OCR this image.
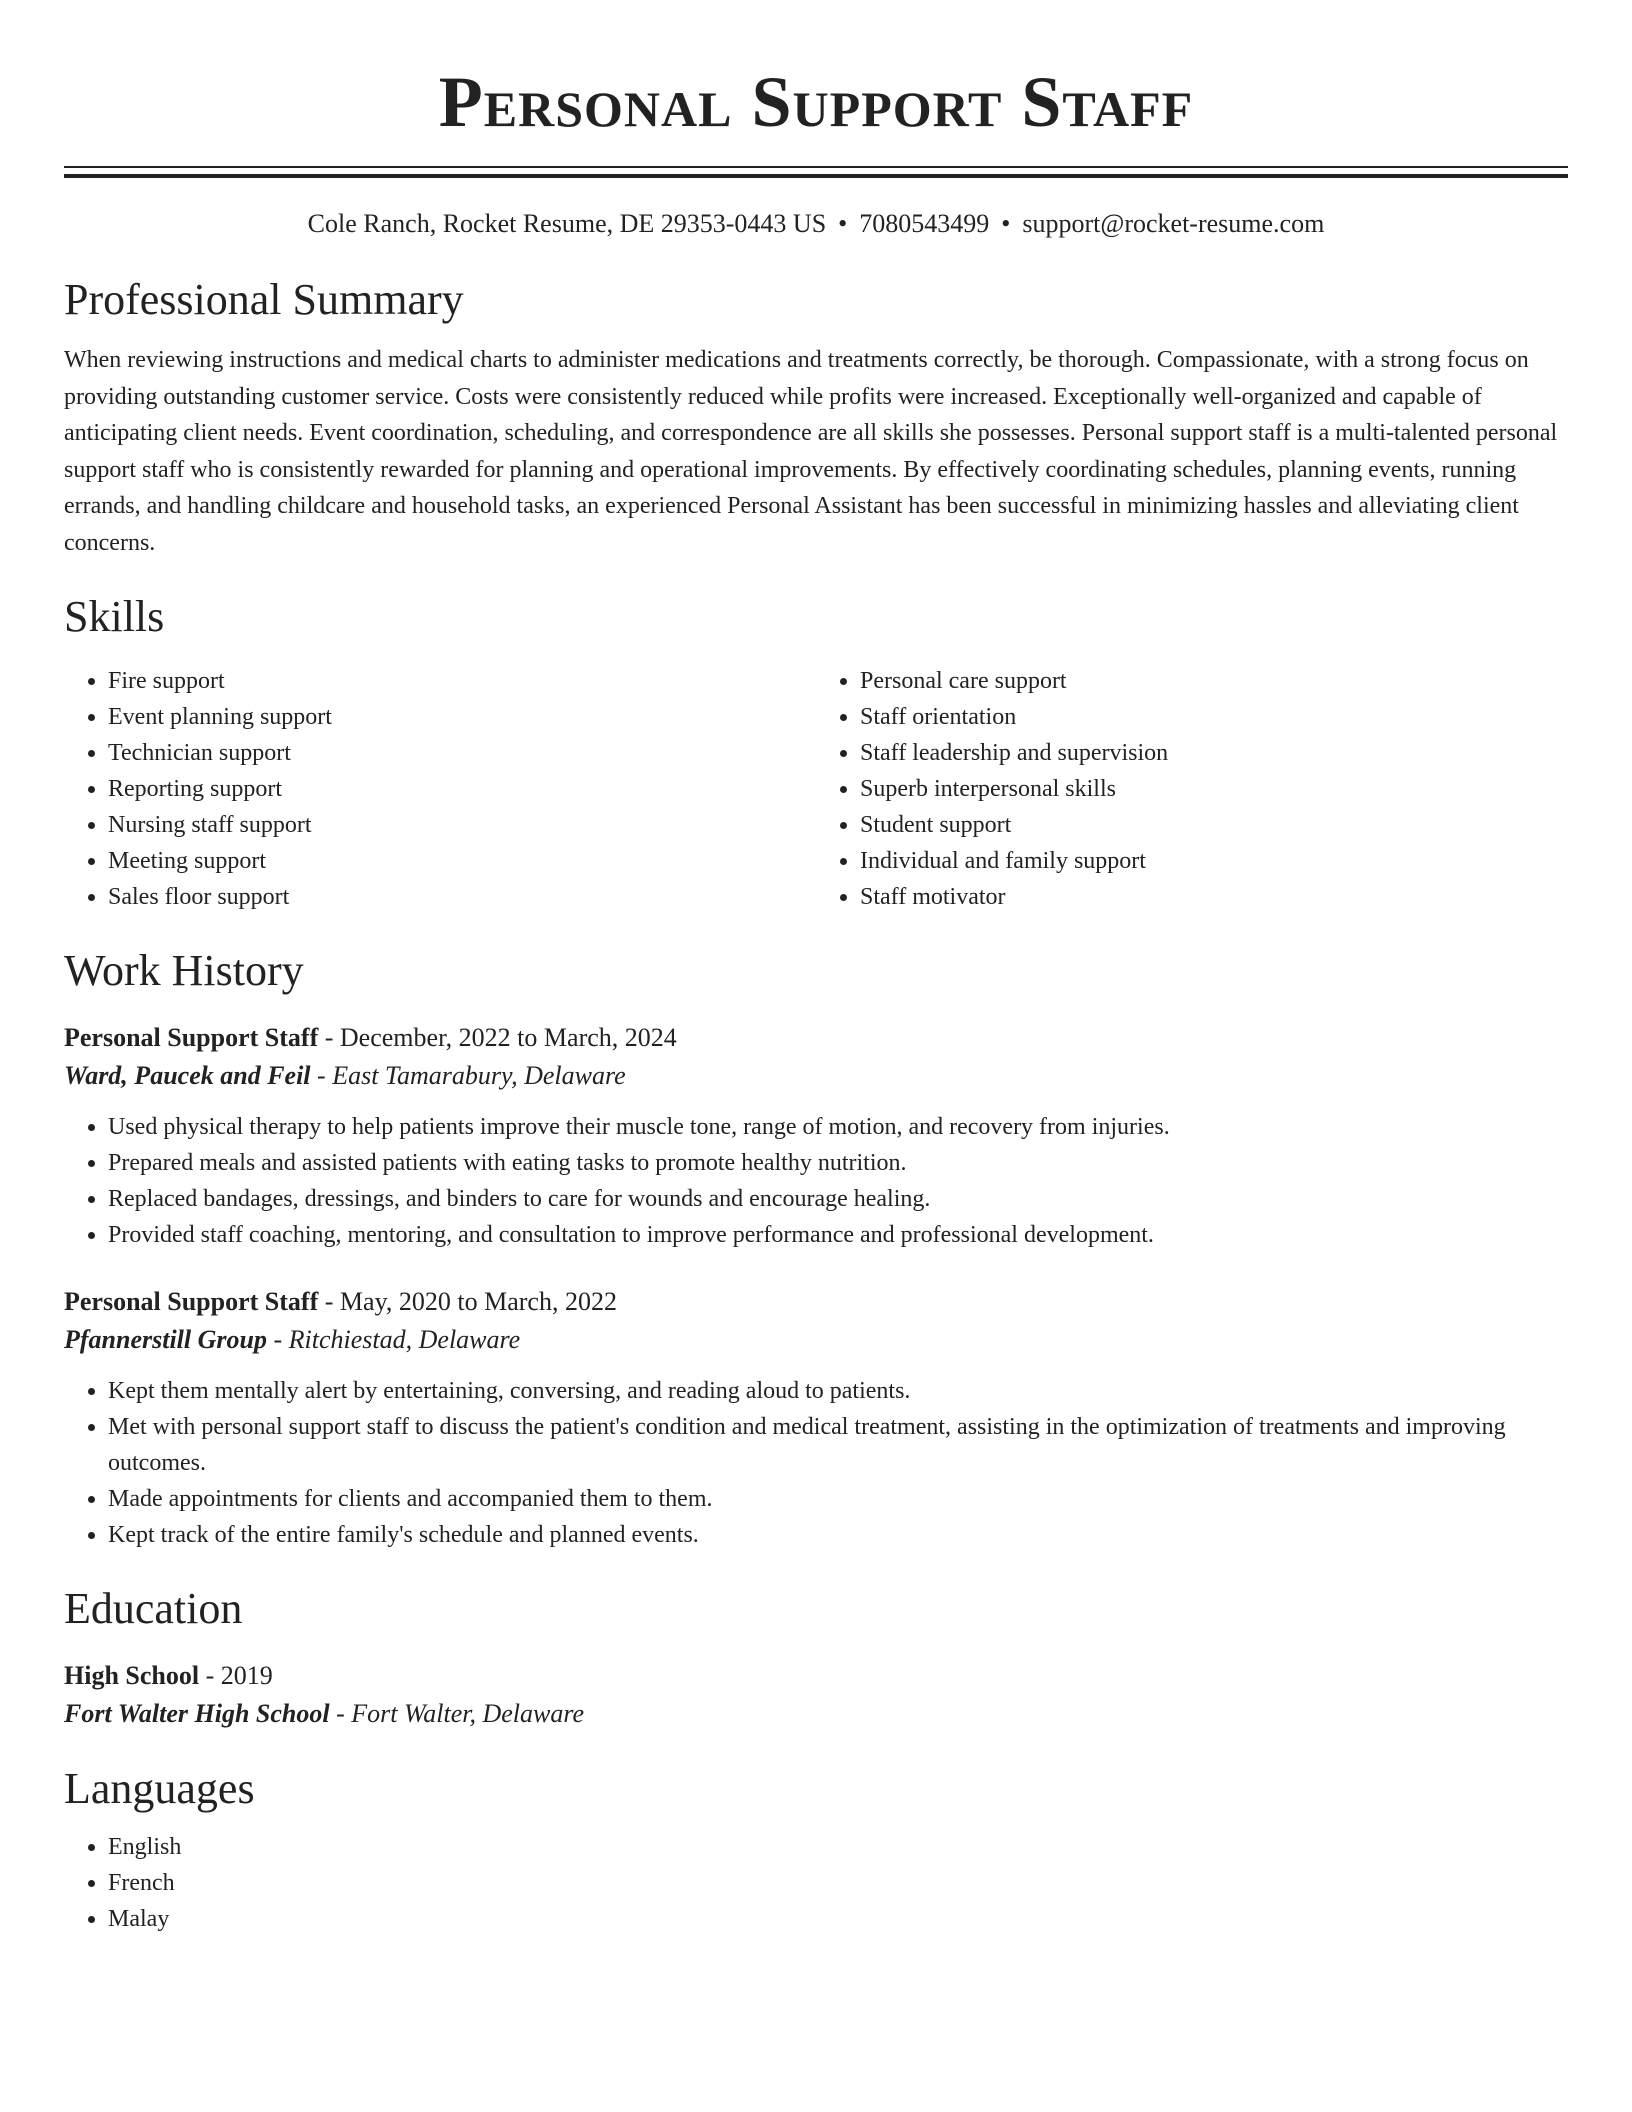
Personal Support Staff
Cole Ranch, Rocket Resume, DE 29353-0443 US • 7080543499 • support@rocket-resume.com
Professional Summary

When reviewing instructions and medical charts to administer medications and treatments correctly, be thorough. Compassionate, with a strong focus on providing outstanding customer service. Costs were consistently reduced while profits were increased. Exceptionally well-organized and capable of anticipating client needs. Event coordination, scheduling, and correspondence are all skills she possesses. Personal support staff is a multi-talented personal support staff who is consistently rewarded for planning and operational improvements. By effectively coordinating schedules, planning events, running errands, and handling childcare and household tasks, an experienced Personal Assistant has been successful in minimizing hassles and alleviating client concerns.

Skills
• Fire support
• Event planning support
• Technician support
• Reporting support
• Nursing staff support
• Meeting support
• Sales floor support
• Personal care support
• Staff orientation
• Staff leadership and supervision
• Superb interpersonal skills
• Student support
• Individual and family support
• Staff motivator
Work History
Personal Support Staff - December, 2022 to March, 2024
Ward, Paucek and Feil - East Tamarabury, Delaware
• Used physical therapy to help patients improve their muscle tone, range of motion, and recovery from injuries.
• Prepared meals and assisted patients with eating tasks to promote healthy nutrition.
• Replaced bandages, dressings, and binders to care for wounds and encourage healing.
• Provided staff coaching, mentoring, and consultation to improve performance and professional development.
Personal Support Staff - May, 2020 to March, 2022
Pfannerstill Group - Ritchiestad, Delaware
• Kept them mentally alert by entertaining, conversing, and reading aloud to patients.
• Met with personal support staff to discuss the patient's condition and medical treatment, assisting in the optimization of treatments and improving outcomes.
• Made appointments for clients and accompanied them to them.
• Kept track of the entire family's schedule and planned events.
Education
High School - 2019
Fort Walter High School - Fort Walter, Delaware
Languages
• English
• French
• Malay
